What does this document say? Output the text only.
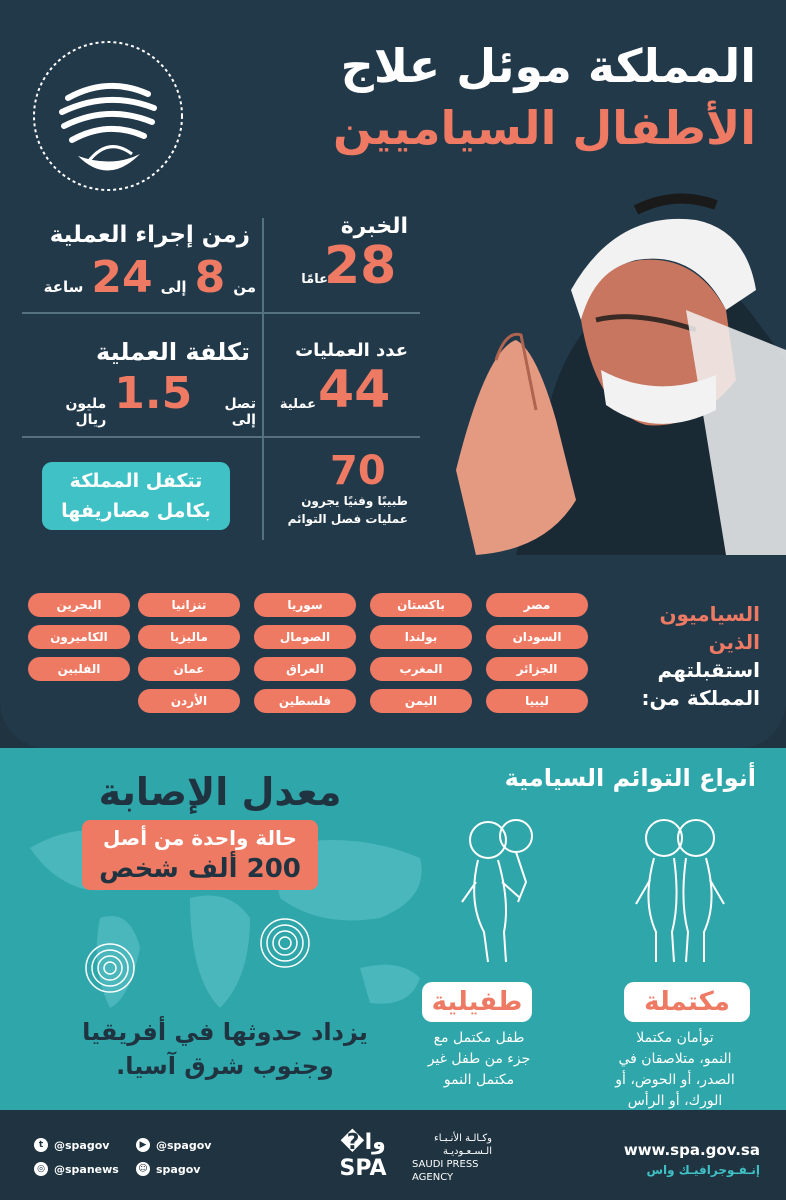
المملكة موئل علاج
الأطفال السياميين
الخبرة
28
عامًا
زمن إجراء العملية
من
8
إلى
24
ساعة
عدد العمليات
44
عملية
تكلفة العملية
تصل إلى
1.5
مليون ريال
70
طبيبًا وفنيًا يجرون
عمليات فصل التوائم
تتكفل المملكة
بكامل مصاريفها
مصر
باكستان
سوريا
تنزانيا
البحرين
السودان
بولندا
الصومال
ماليزيا
الكاميرون
الجزائر
المغرب
العراق
عمان
الفلبين
ليبيا
اليمن
فلسطين
الأردن
السياميون
الذين
استقبلتهم
المملكة من:
معدل الإصابة
حالة واحدة من أصل
200 ألف شخص
يزداد حدوثها في أفريقيا
وجنوب شرق آسيا.
أنواع التوائم السيامية
طفيلية	مكتملة
طفل مكتمل مع
جزء من طفل غير
مكتمل النمو
توأمان مكتملا
النمو، متلاصقان في
الصدر، أو الحوض، أو
الورك، أو الرأس
t @spagov	▶ @spagov
◎ @spanews ☺ spagov
وا�
SPA
وكـالـة الأنـبـاء
الـسـعـوديـة
SAUDI PRESS
AGENCY
www.spa.gov.sa
إنـفـوجرافيـك واس
